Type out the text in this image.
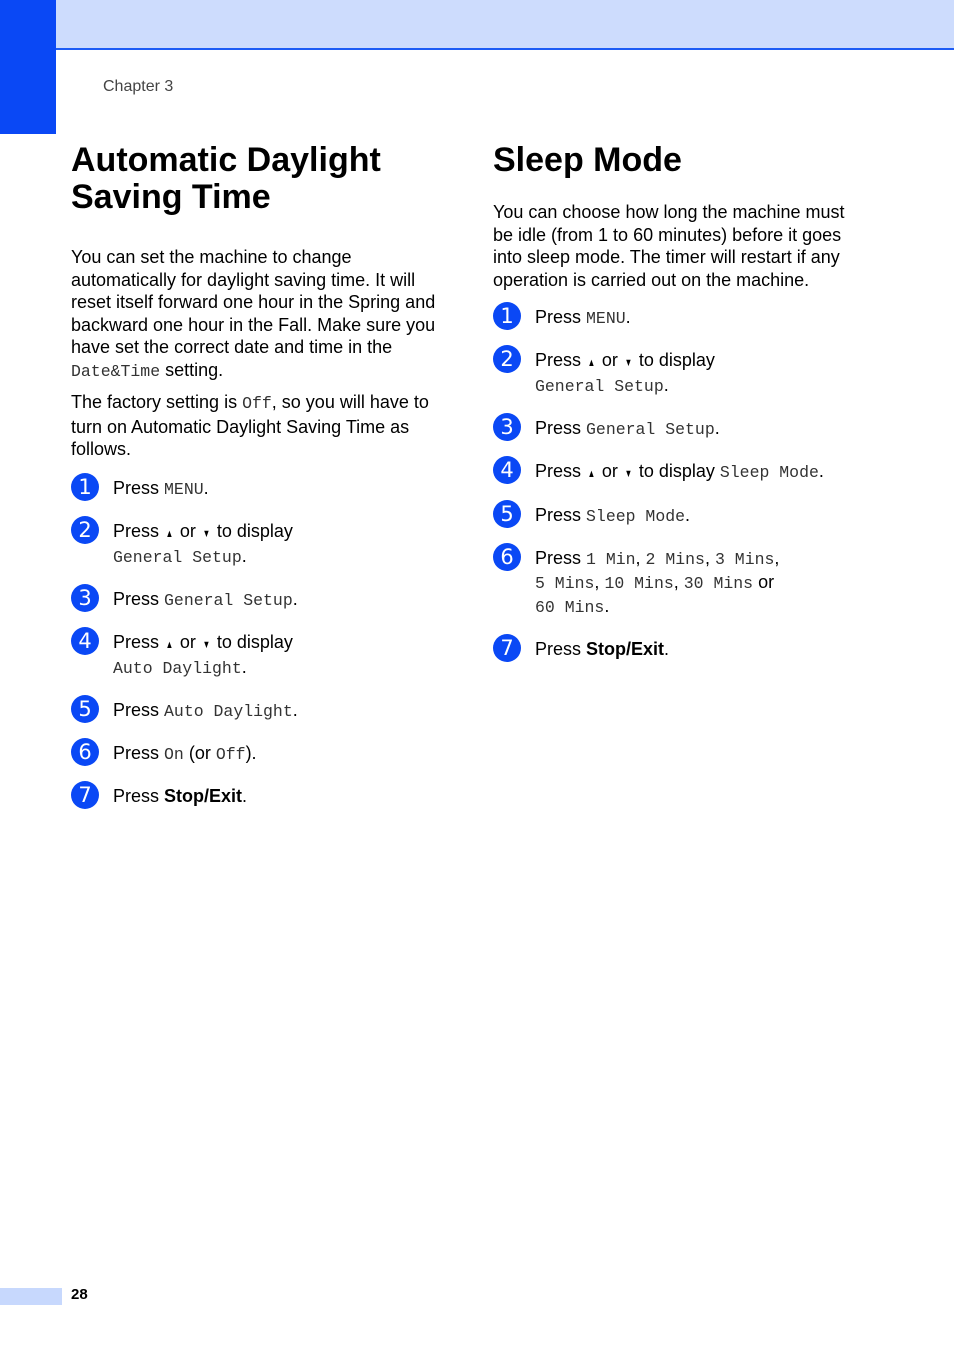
Chapter 3
Automatic Daylight Saving Time

You can set the machine to change automatically for daylight saving time. It will reset itself forward one hour in the Spring and backward one hour in the Fall. Make sure you have set the correct date and time in the Date&Time setting.

The factory setting is Off, so you will have to turn on Automatic Daylight Saving Time as follows.

1	Press MENU.
2	Press ▲ or ▼ to display
General Setup.
3	Press General Setup.
4	Press ▲ or ▼ to display
Auto Daylight.
5	Press Auto Daylight.
6	Press On (or Off).
7	Press Stop/Exit.
Sleep Mode

You can choose how long the machine must be idle (from 1 to 60 minutes) before it goes into sleep mode. The timer will restart if any operation is carried out on the machine.

1	Press MENU.
2	Press ▲ or ▼ to display
General Setup.
3	Press General Setup.
4	Press ▲ or ▼ to display Sleep Mode.
5	Press Sleep Mode.
6	Press 1 Min, 2 Mins, 3 Mins,
5 Mins, 10 Mins, 30 Mins or
60 Mins.
7	Press Stop/Exit.
28
